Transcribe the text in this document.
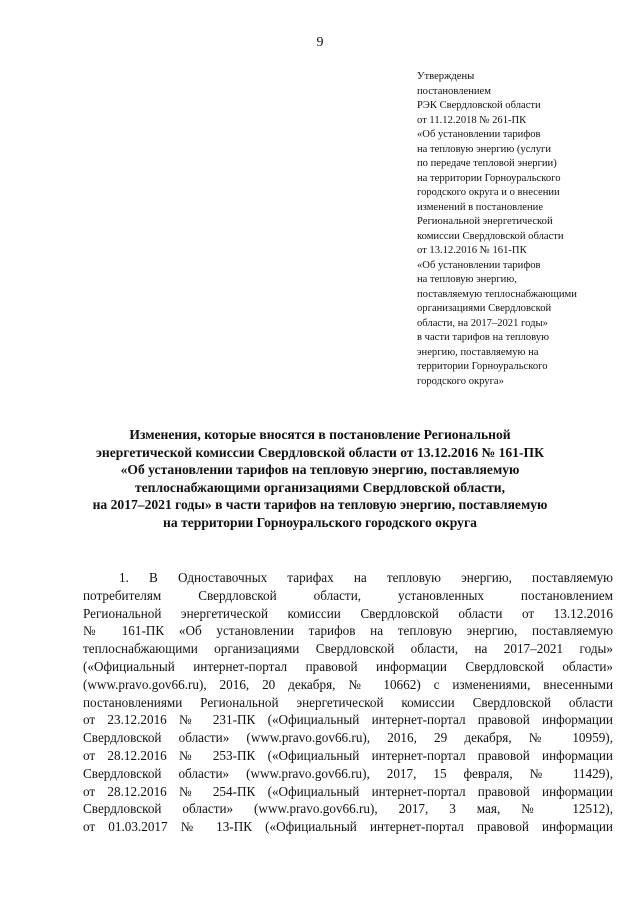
9
Утверждены
постановлением
РЭК Свердловской области
от 11.12.2018 № 261-ПК
«Об установлении тарифов
на тепловую энергию (услуги
по передаче тепловой энергии)
на территории Горноуральского
городского округа и о внесении
изменений в постановление
Региональной энергетической
комиссии Свердловской области
от 13.12.2016 № 161-ПК
«Об установлении тарифов
на тепловую энергию,
поставляемую теплоснабжающими
организациями Свердловской
области, на 2017–2021 годы»
в части тарифов на тепловую
энергию, поставляемую на
территории Горноуральского
городского округа»
Изменения, которые вносятся в постановление Региональной
энергетической комиссии Свердловской области от 13.12.2016 № 161-ПК
«Об установлении тарифов на тепловую энергию, поставляемую
теплоснабжающими организациями Свердловской области,
на 2017–2021 годы» в части тарифов на тепловую энергию, поставляемую
на территории Горноуральского городского округа
1. В Одноставочных тарифах на тепловую энергию, поставляемую
потребителям Свердловской области, установленных постановлением
Региональной энергетической комиссии Свердловской области от 13.12.2016
№ 161-ПК «Об установлении тарифов на тепловую энергию, поставляемую
теплоснабжающими организациями Свердловской области, на 2017–2021 годы»
(«Официальный интернет-портал правовой информации Свердловской области»
(www.pravo.gov66.ru), 2016, 20 декабря, № 10662) с изменениями, внесенными
постановлениями Региональной энергетической комиссии Свердловской области
от 23.12.2016 № 231-ПК («Официальный интернет-портал правовой информации
Свердловской области» (www.pravo.gov66.ru), 2016, 29 декабря, № 10959),
от 28.12.2016 № 253-ПК («Официальный интернет-портал правовой информации
Свердловской области» (www.pravo.gov66.ru), 2017, 15 февраля, № 11429),
от 28.12.2016 № 254-ПК («Официальный интернет-портал правовой информации
Свердловской области» (www.pravo.gov66.ru), 2017, 3 мая, № 12512),
от 01.03.2017 № 13-ПК («Официальный интернет-портал правовой информации
